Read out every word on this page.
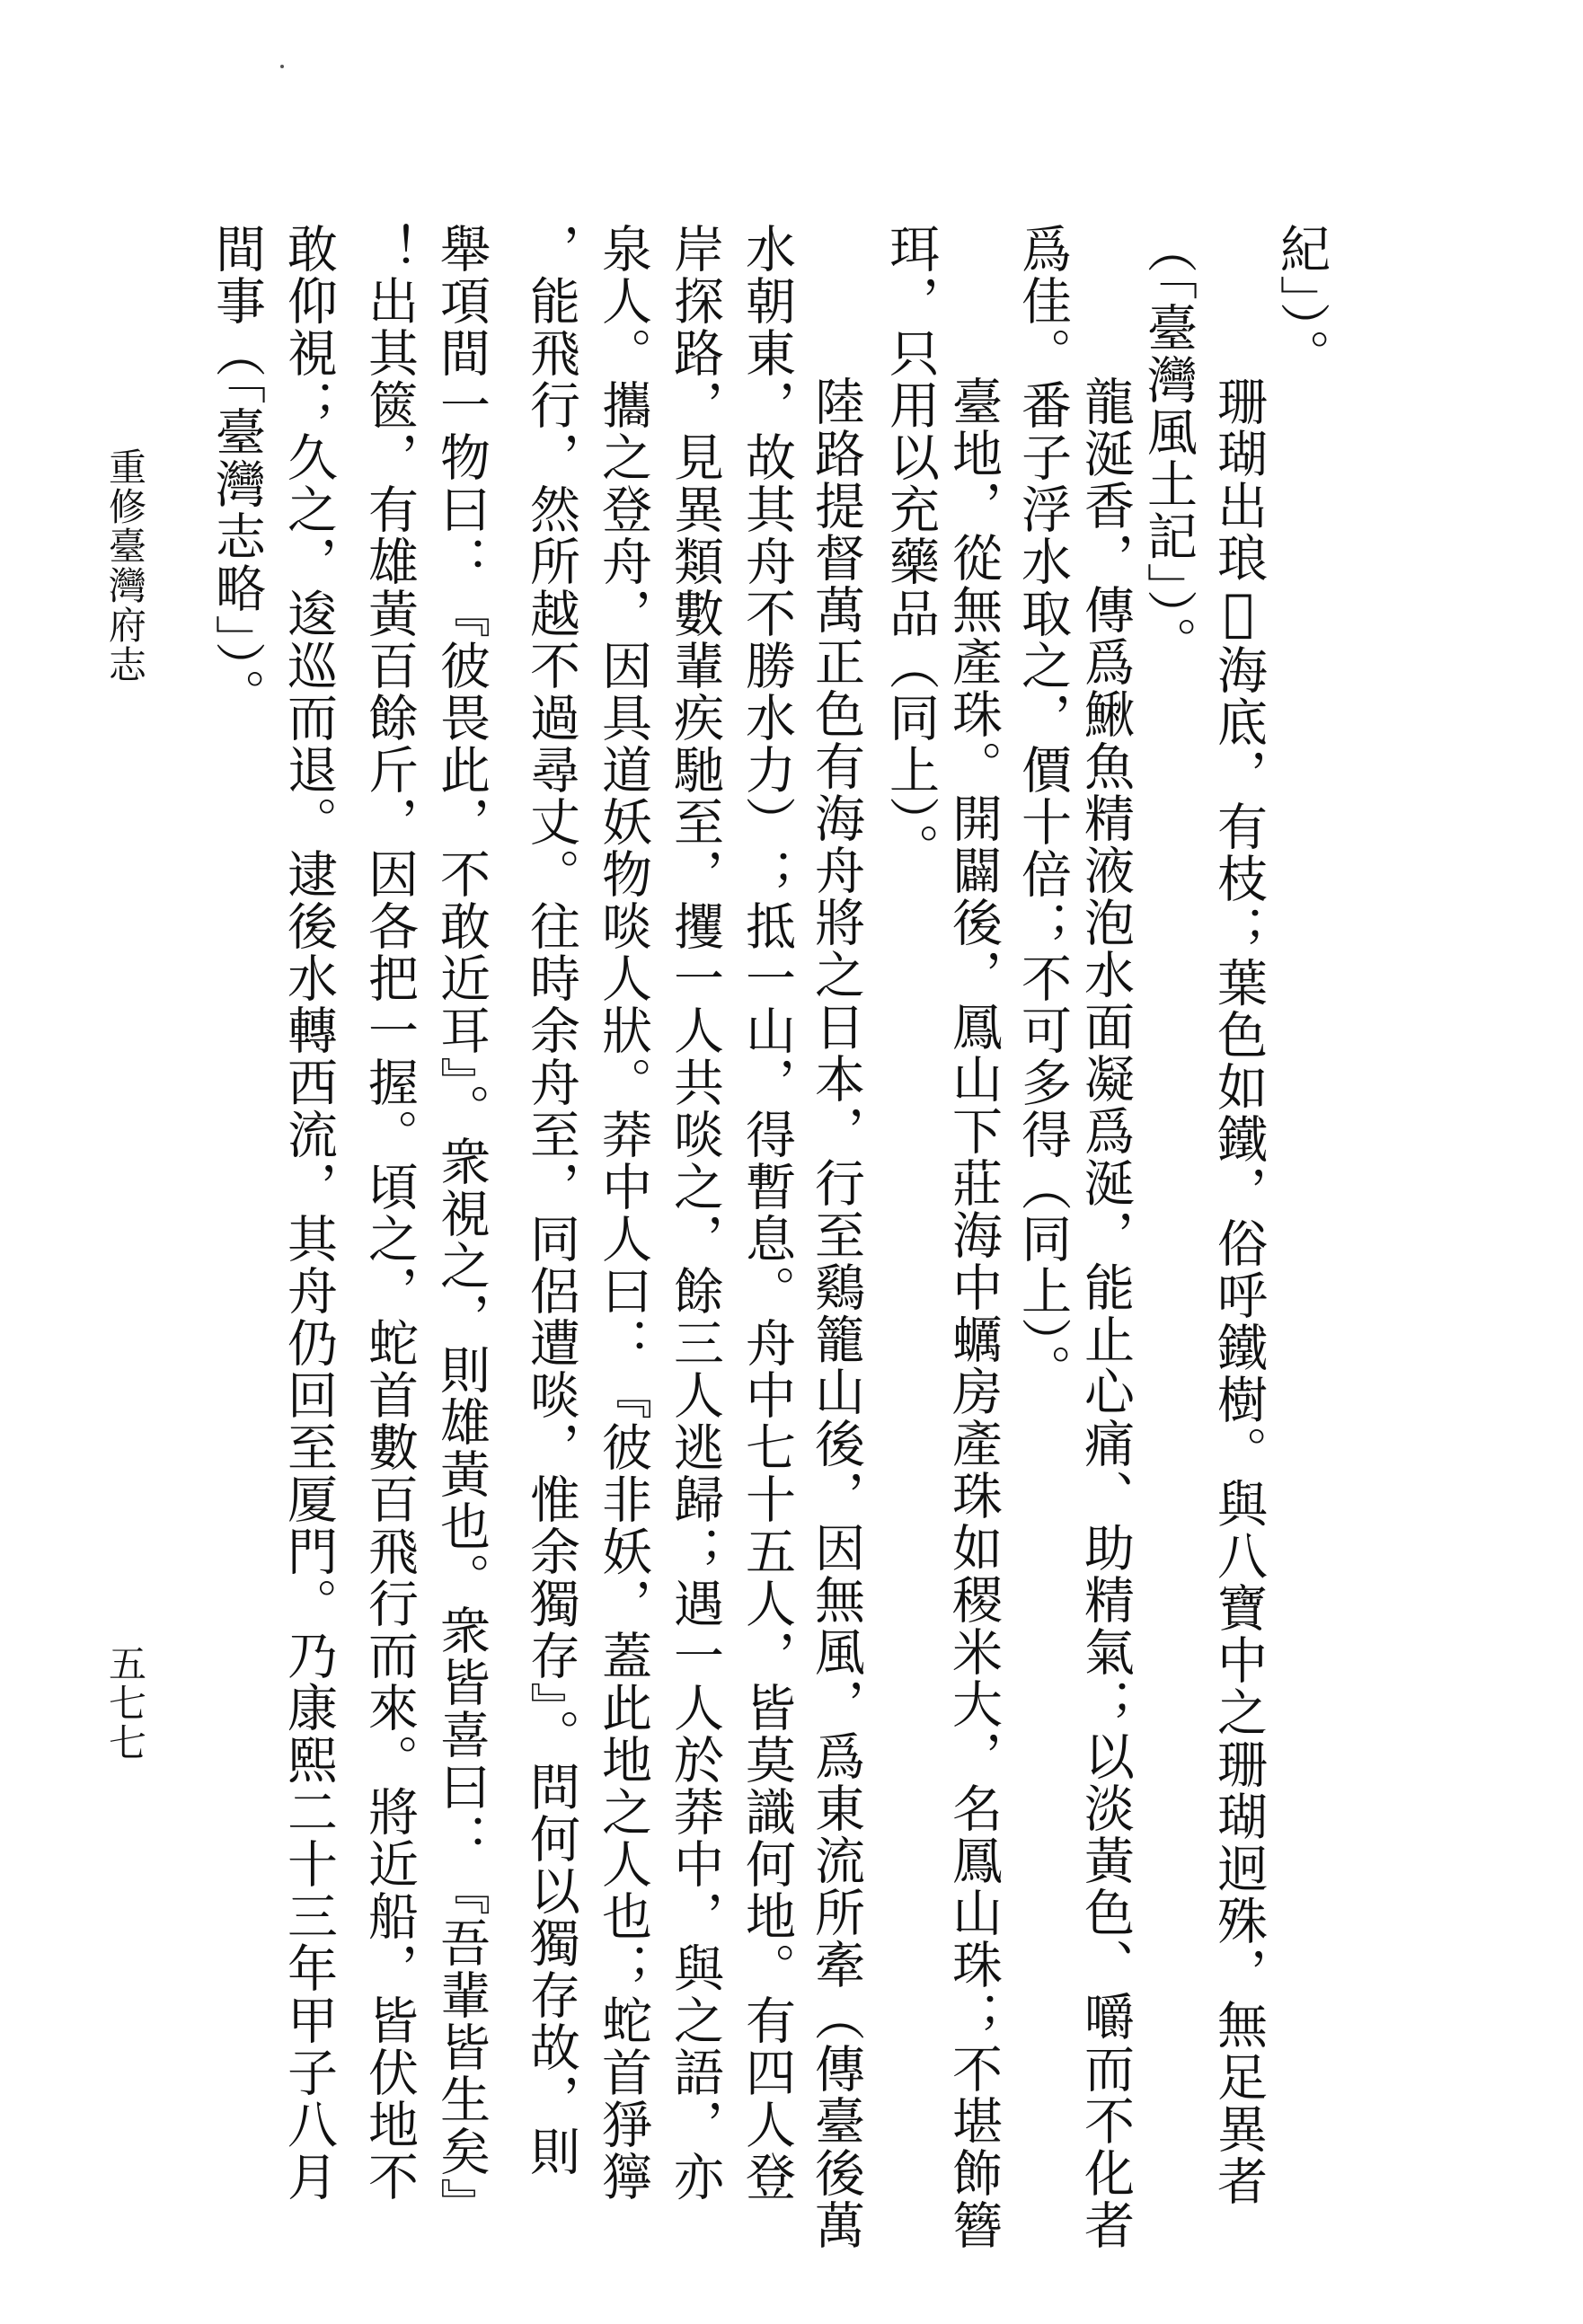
紀」）。
　珊瑚出琅𤦆海底，有枝；葉色如鐵，俗呼鐵樹。與八寶中之珊瑚迥殊，無足異者
（「臺灣風土記」）。
　龍涎香，傳爲鰍魚精液泡水面凝爲涎，能止心痛、助精氣；以淡黃色、嚼而不化者
爲佳。番子浮水取之，價十倍；不可多得（同上）。
　臺地，從無產珠。開闢後，鳳山下莊海中蠣房產珠如稷米大，名鳳山珠；不堪飾簪
珥，只用以充藥品（同上）。
　陸路提督萬正色有海舟將之日本，行至鷄籠山後，因無風，爲東流所牽（傳臺後萬
水朝東，故其舟不勝水力）；抵一山，得暫息。舟中七十五人，皆莫識何地。有四人登
岸探路，見異類數輩疾馳至，攫一人共啖之，餘三人逃歸；遇一人於莽中，與之語，亦
泉人。攜之登舟，因具道妖物啖人狀。莽中人曰：『彼非妖，蓋此地之人也；蛇首猙獰
，能飛行，然所越不過尋丈。往時余舟至，同侶遭啖，惟余獨存』。問何以獨存故，則
舉項間一物曰：『彼畏此，不敢近耳』。衆視之，則雄黃也。衆皆喜曰：『吾輩皆生矣』
！出其篋，有雄黃百餘斤，因各把一握。頃之，蛇首數百飛行而來。將近船，皆伏地不
敢仰視；久之，逡巡而退。逮後水轉西流，其舟仍回至厦門。乃康熙二十三年甲子八月
間事（「臺灣志略」）。
重修臺灣府志
五七七
